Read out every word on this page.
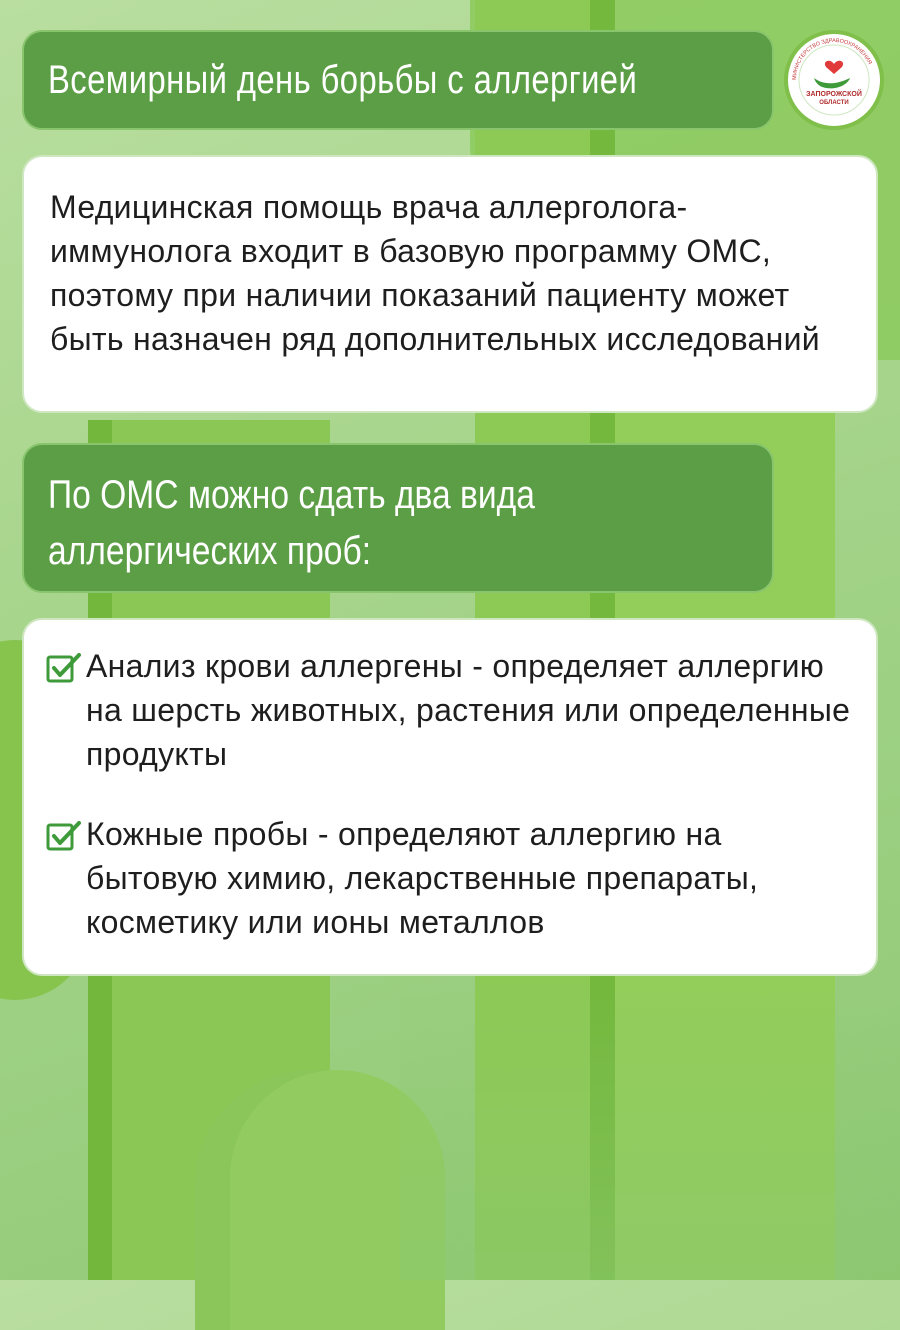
Всемирный день борьбы с аллергией	МИНИСТЕРСТВО ЗДРАВООХРАНЕНИЯ
ЗАПОРОЖСКОЙ
ОБЛАСТИ
Медицинская помощь врача аллерголога-иммунолога входит в базовую программу ОМС, поэтому при наличии показаний пациенту может быть назначен ряд дополнительных исследований
По ОМС можно сдать два вида аллергических проб:
Анализ крови аллергены - определяет аллергию на шерсть животных, растения или определенные продукты
Кожные пробы - определяют аллергию на бытовую химию, лекарственные препараты, косметику или ионы металлов
